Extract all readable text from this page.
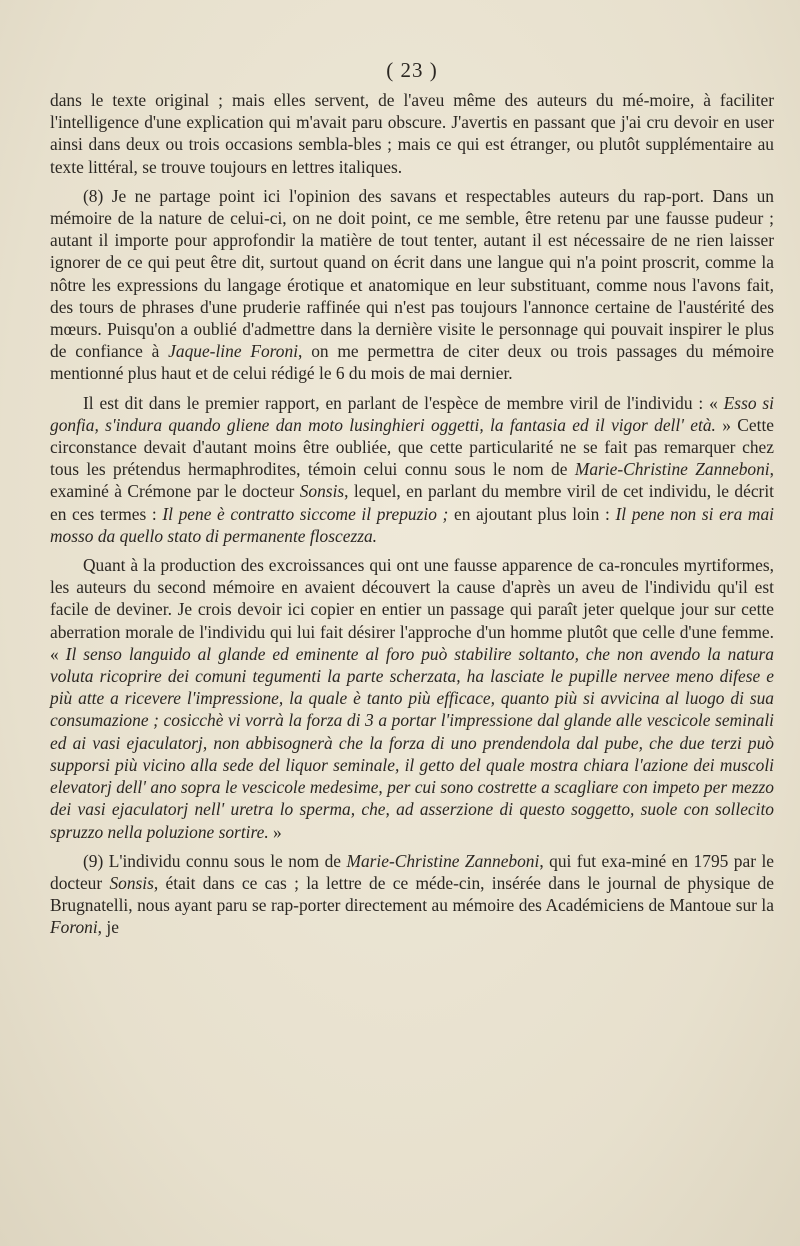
( 23 )

dans le texte original ; mais elles servent, de l'aveu même des auteurs du mé-moire, à faciliter l'intelligence d'une explication qui m'avait paru obscure. J'avertis en passant que j'ai cru devoir en user ainsi dans deux ou trois occasions sembla-bles ; mais ce qui est étranger, ou plutôt supplémentaire au texte littéral, se trouve toujours en lettres italiques.

(8) Je ne partage point ici l'opinion des savans et respectables auteurs du rap-port. Dans un mémoire de la nature de celui-ci, on ne doit point, ce me semble, être retenu par une fausse pudeur ; autant il importe pour approfondir la matière de tout tenter, autant il est nécessaire de ne rien laisser ignorer de ce qui peut être dit, surtout quand on écrit dans une langue qui n'a point proscrit, comme la nôtre les expressions du langage érotique et anatomique en leur substituant, comme nous l'avons fait, des tours de phrases d'une pruderie raffinée qui n'est pas toujours l'annonce certaine de l'austérité des mœurs. Puisqu'on a oublié d'admettre dans la dernière visite le personnage qui pouvait inspirer le plus de confiance à Jaque-line Foroni, on me permettra de citer deux ou trois passages du mémoire mentionné plus haut et de celui rédigé le 6 du mois de mai dernier.

Il est dit dans le premier rapport, en parlant de l'espèce de membre viril de l'individu : « Esso si gonfia, s'indura quando gliene dan moto lusinghieri oggetti, la fantasia ed il vigor dell' età. » Cette circonstance devait d'autant moins être oubliée, que cette particularité ne se fait pas remarquer chez tous les prétendus hermaphrodites, témoin celui connu sous le nom de Marie-Christine Zanneboni, examiné à Crémone par le docteur Sonsis, lequel, en parlant du membre viril de cet individu, le décrit en ces termes : Il pene è contratto siccome il prepuzio ; en ajoutant plus loin : Il pene non si era mai mosso da quello stato di permanente floscezza.

Quant à la production des excroissances qui ont une fausse apparence de ca-roncules myrtiformes, les auteurs du second mémoire en avaient découvert la cause d'après un aveu de l'individu qu'il est facile de deviner. Je crois devoir ici copier en entier un passage qui paraît jeter quelque jour sur cette aberration morale de l'individu qui lui fait désirer l'approche d'un homme plutôt que celle d'une femme. « Il senso languido al glande ed eminente al foro può stabilire soltanto, che non avendo la natura voluta ricoprire dei comuni tegumenti la parte scherzata, ha lasciate le pupille nervee meno difese e più atte a ricevere l'impressione, la quale è tanto più efficace, quanto più si avvicina al luogo di sua consumazione ; cosicchè vi vorrà la forza di 3 a portar l'impressione dal glande alle vescicole seminali ed ai vasi ejaculatorj, non abbisognerà che la forza di uno prendendola dal pube, che due terzi può supporsi più vicino alla sede del liquor seminale, il getto del quale mostra chiara l'azione dei muscoli elevatorj dell' ano sopra le vescicole medesime, per cui sono costrette a scagliare con impeto per mezzo dei vasi ejaculatorj nell' uretra lo sperma, che, ad asserzione di questo soggetto, suole con sollecito spruzzo nella poluzione sortire. »

(9) L'individu connu sous le nom de Marie-Christine Zanneboni, qui fut exa-miné en 1795 par le docteur Sonsis, était dans ce cas ; la lettre de ce méde-cin, insérée dans le journal de physique de Brugnatelli, nous ayant paru se rap-porter directement au mémoire des Académiciens de Mantoue sur la Foroni, je
